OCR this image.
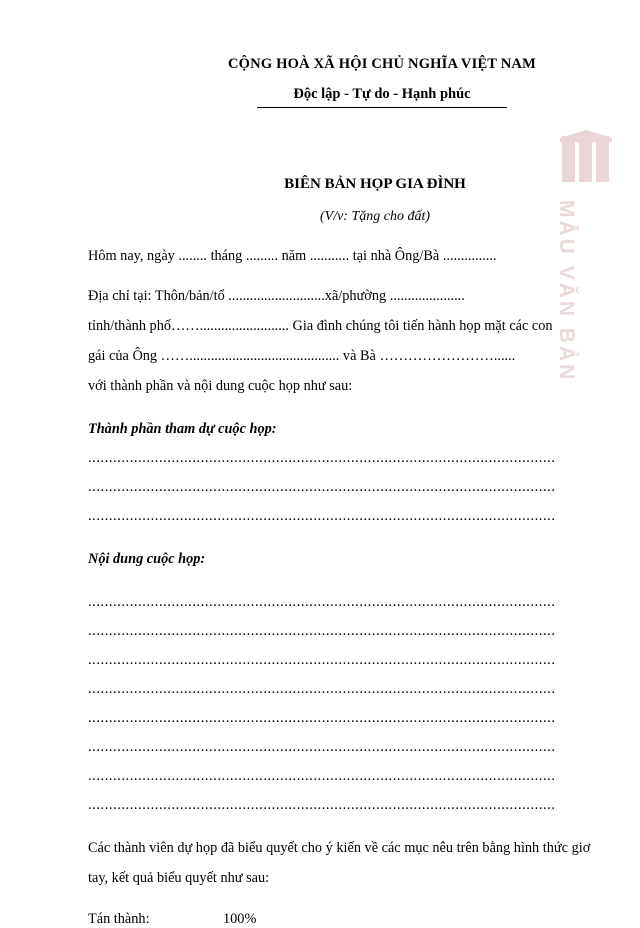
MẪU VĂN BẢN
CỘNG HOÀ XÃ HỘI CHỦ NGHĨA VIỆT NAM
Độc lập - Tự do - Hạnh phúc
BIÊN BẢN HỌP GIA ĐÌNH
(V/v: Tặng cho đất)
Hôm nay, ngày ........ tháng ......... năm ........... tại nhà Ông/Bà ...............
Địa chỉ tại: Thôn/bản/tổ ...........................xã/phường .....................
tỉnh/thành phố……......................... Gia đình chúng tôi tiến hành họp mặt các con
gái của Ông …….......................................... và Bà ……………………......
với thành phần và nội dung cuộc họp như sau:
Thành phần tham dự cuộc họp:
................................................................................................................
................................................................................................................
................................................................................................................
Nội dung cuộc họp:
................................................................................................................
................................................................................................................
................................................................................................................
................................................................................................................
................................................................................................................
................................................................................................................
................................................................................................................
................................................................................................................
Các thành viên dự họp đã biểu quyết cho ý kiến về các mục nêu trên bằng hình thức giơ
tay, kết quả biểu quyết như sau:
Tán thành:	100%
